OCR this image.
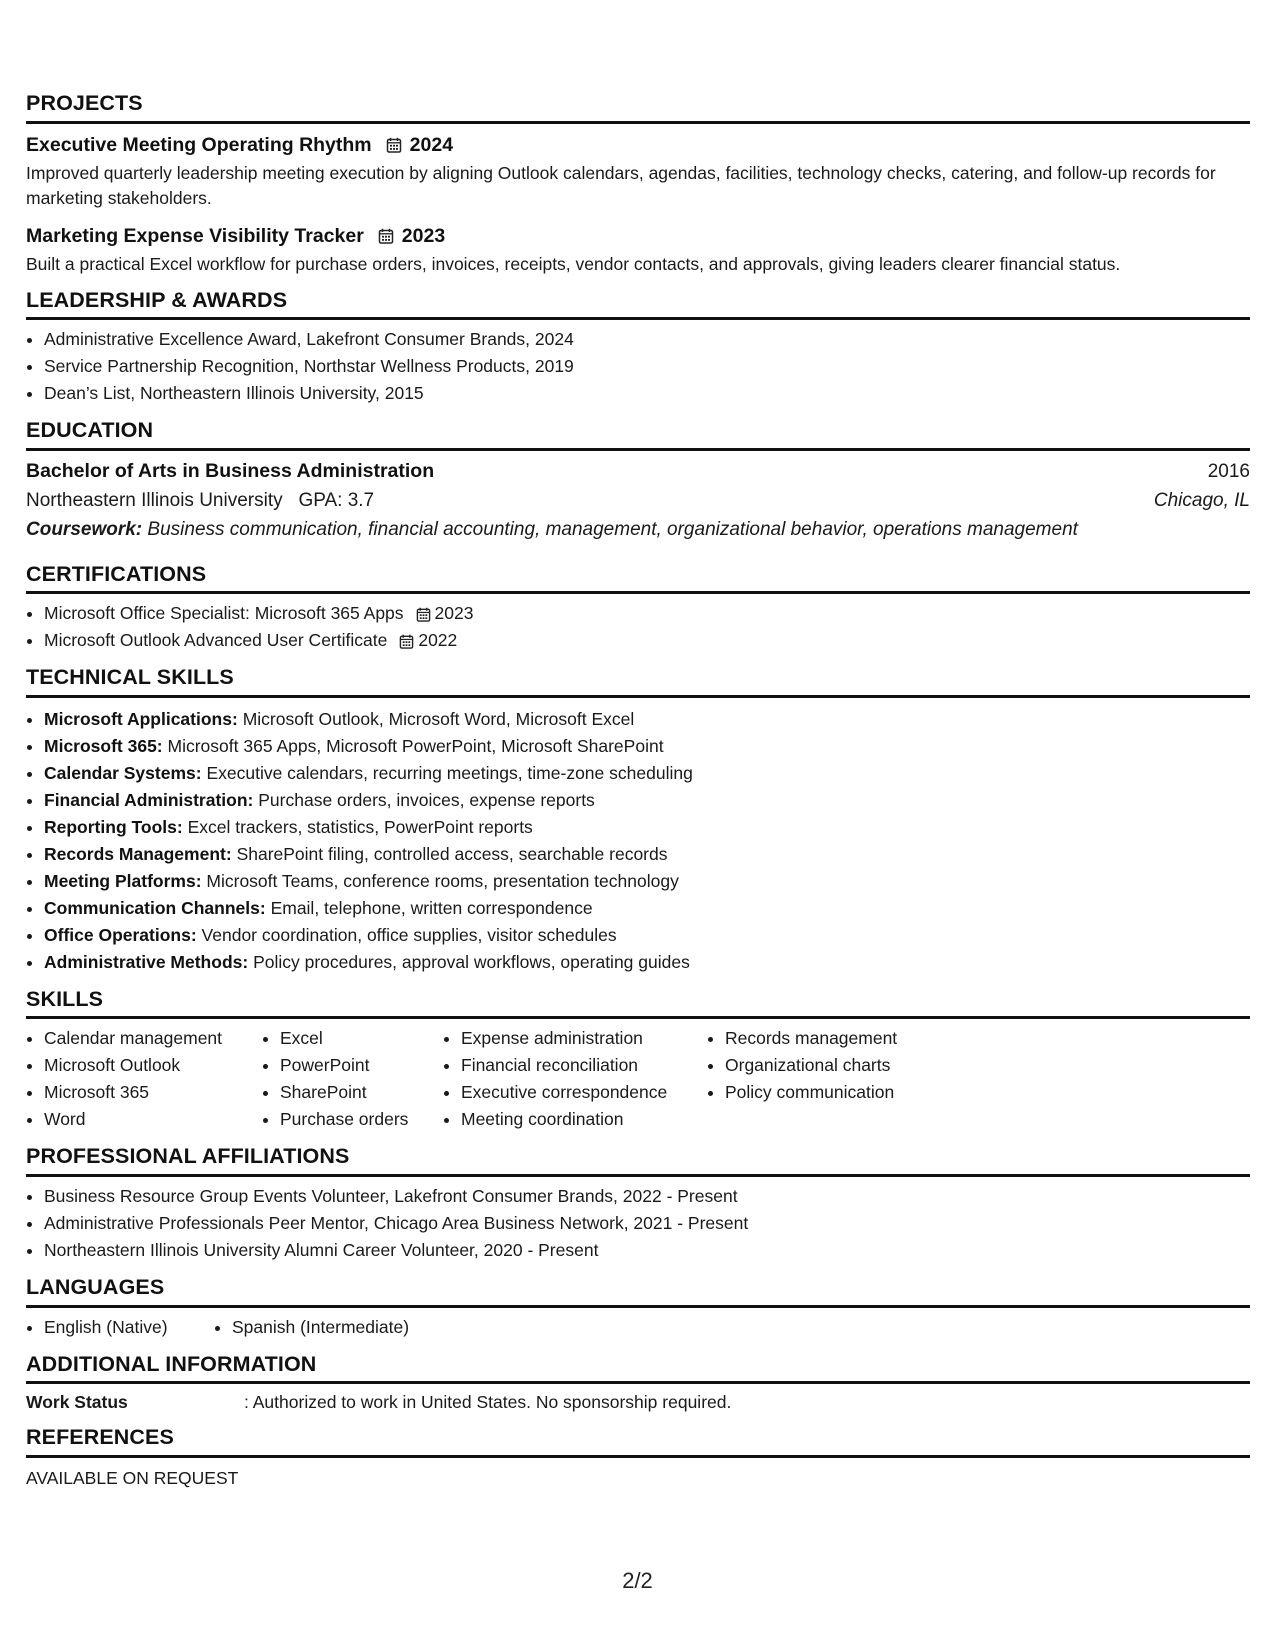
PROJECTS
Executive Meeting Operating Rhythm 2024
Improved quarterly leadership meeting execution by aligning Outlook calendars, agendas, facilities, technology checks, catering, and follow-up records for marketing stakeholders.
Marketing Expense Visibility Tracker 2023
Built a practical Excel workflow for purchase orders, invoices, receipts, vendor contacts, and approvals, giving leaders clearer financial status.
LEADERSHIP & AWARDS
• Administrative Excellence Award, Lakefront Consumer Brands, 2024
• Service Partnership Recognition, Northstar Wellness Products, 2019
• Dean’s List, Northeastern Illinois University, 2015
EDUCATION
Bachelor of Arts in Business Administration	2016
Northeastern Illinois University GPA: 3.7	Chicago, IL
Coursework: Business communication, financial accounting, management, organizational behavior, operations management
CERTIFICATIONS
• Microsoft Office Specialist: Microsoft 365 Apps 2023
• Microsoft Outlook Advanced User Certificate 2022
TECHNICAL SKILLS
• Microsoft Applications: Microsoft Outlook, Microsoft Word, Microsoft Excel
• Microsoft 365: Microsoft 365 Apps, Microsoft PowerPoint, Microsoft SharePoint
• Calendar Systems: Executive calendars, recurring meetings, time-zone scheduling
• Financial Administration: Purchase orders, invoices, expense reports
• Reporting Tools: Excel trackers, statistics, PowerPoint reports
• Records Management: SharePoint filing, controlled access, searchable records
• Meeting Platforms: Microsoft Teams, conference rooms, presentation technology
• Communication Channels: Email, telephone, written correspondence
• Office Operations: Vendor coordination, office supplies, visitor schedules
• Administrative Methods: Policy procedures, approval workflows, operating guides
SKILLS
• Calendar management
• Microsoft Outlook
• Microsoft 365
• Word
• Excel
• PowerPoint
• SharePoint
• Purchase orders
• Expense administration
• Financial reconciliation
• Executive correspondence
• Meeting coordination
• Records management
• Organizational charts
• Policy communication
PROFESSIONAL AFFILIATIONS
• Business Resource Group Events Volunteer, Lakefront Consumer Brands, 2022 - Present
• Administrative Professionals Peer Mentor, Chicago Area Business Network, 2021 - Present
• Northeastern Illinois University Alumni Career Volunteer, 2020 - Present
LANGUAGES
• English (Native)
•	Spanish (Intermediate)
ADDITIONAL INFORMATION
Work Status	: Authorized to work in United States. No sponsorship required.
REFERENCES
AVAILABLE ON REQUEST
2/2
